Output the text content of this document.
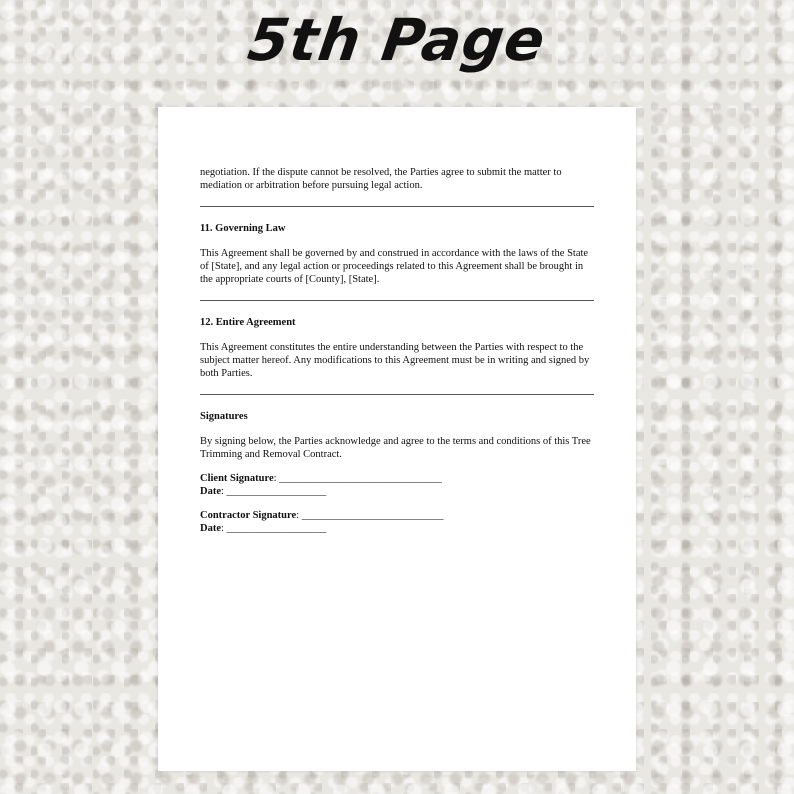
5th Page

negotiation. If the dispute cannot be resolved, the Parties agree to submit the matter to mediation or arbitration before pursuing legal action.

11. Governing Law

This Agreement shall be governed by and construed in accordance with the laws of the State of [State], and any legal action or proceedings related to this Agreement shall be brought in the appropriate courts of [County], [State].

12. Entire Agreement

This Agreement constitutes the entire understanding between the Parties with respect to the subject matter hereof. Any modifications to this Agreement must be in writing and signed by both Parties.

Signatures

By signing below, the Parties acknowledge and agree to the terms and conditions of this Tree Trimming and Removal Contract.

Client Signature: _______________________________

Date: ___________________

Contractor Signature: ___________________________

Date: ___________________
